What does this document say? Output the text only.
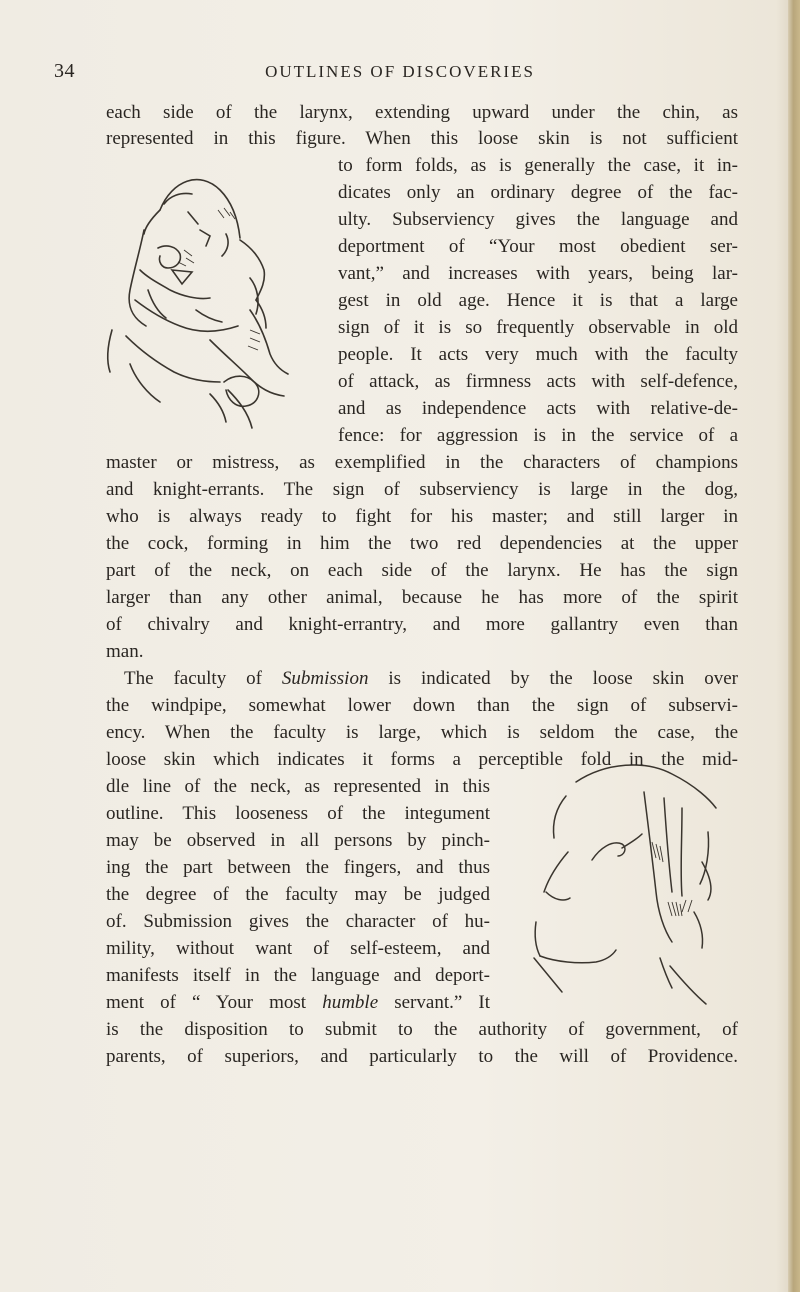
34	OUTLINES OF DISCOVERIES
each side of the larynx, extending upward under the chin, as
represented in this figure. When this loose skin is not sufficient
to form folds, as is generally the case, it in-
dicates only an ordinary degree of the fac-
ulty. Subserviency gives the language and
deportment of “Your most obedient ser-
vant,” and increases with years, being lar-
gest in old age. Hence it is that a large
sign of it is so frequently observable in old
people. It acts very much with the faculty
of attack, as firmness acts with self-defence,
and as independence acts with relative-de-
fence: for aggression is in the service of a
master or mistress, as exemplified in the characters of champions
and knight-errants. The sign of subserviency is large in the dog,
who is always ready to fight for his master; and still larger in
the cock, forming in him the two red dependencies at the upper
part of the neck, on each side of the larynx. He has the sign
larger than any other animal, because he has more of the spirit
of chivalry and knight-errantry, and more gallantry even than
man.
The faculty of Submission is indicated by the loose skin over
the windpipe, somewhat lower down than the sign of subservi-
ency. When the faculty is large, which is seldom the case, the
loose skin which indicates it forms a perceptible fold in the mid-
dle line of the neck, as represented in this
outline. This looseness of the integument
may be observed in all persons by pinch-
ing the part between the fingers, and thus
the degree of the faculty may be judged
of. Submission gives the character of hu-
mility, without want of self-esteem, and
manifests itself in the language and deport-
ment of “ Your most humble servant.” It
is the disposition to submit to the authority of government, of
parents, of superiors, and particularly to the will of Providence.
